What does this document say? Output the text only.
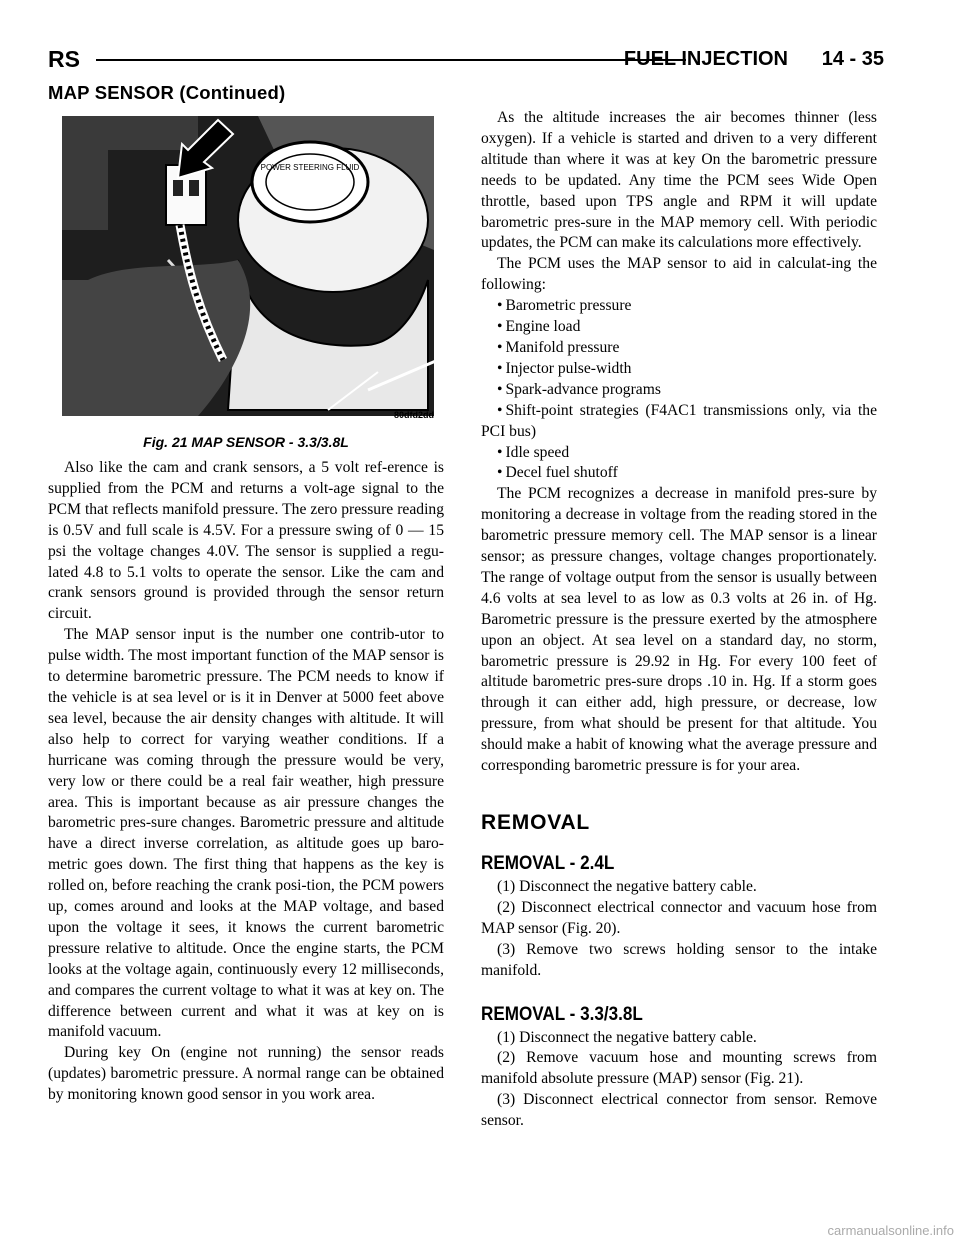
RS	FUEL INJECTION 14 - 35
MAP SENSOR (Continued)
POWER STEERING FLUID
80dfd2dd
Fig. 21 MAP SENSOR - 3.3/3.8L

Also like the cam and crank sensors, a 5 volt ref-erence is supplied from the PCM and returns a volt-age signal to the PCM that reflects manifold pressure. The zero pressure reading is 0.5V and full scale is 4.5V. For a pressure swing of 0 — 15 psi the voltage changes 4.0V. The sensor is supplied a regu-lated 4.8 to 5.1 volts to operate the sensor. Like the cam and crank sensors ground is provided through the sensor return circuit.

The MAP sensor input is the number one contrib-utor to pulse width. The most important function of the MAP sensor is to determine barometric pressure. The PCM needs to know if the vehicle is at sea level or is it in Denver at 5000 feet above sea level, because the air density changes with altitude. It will also help to correct for varying weather conditions. If a hurricane was coming through the pressure would be very, very low or there could be a real fair weather, high pressure area. This is important because as air pressure changes the barometric pres-sure changes. Barometric pressure and altitude have a direct inverse correlation, as altitude goes up baro-metric goes down. The first thing that happens as the key is rolled on, before reaching the crank posi-tion, the PCM powers up, comes around and looks at the MAP voltage, and based upon the voltage it sees, it knows the current barometric pressure relative to altitude. Once the engine starts, the PCM looks at the voltage again, continuously every 12 milliseconds, and compares the current voltage to what it was at key on. The difference between current and what it was at key on is manifold vacuum.

During key On (engine not running) the sensor reads (updates) barometric pressure. A normal range can be obtained by monitoring known good sensor in you work area.

As the altitude increases the air becomes thinner (less oxygen). If a vehicle is started and driven to a very different altitude than where it was at key On the barometric pressure needs to be updated. Any time the PCM sees Wide Open throttle, based upon TPS angle and RPM it will update barometric pres-sure in the MAP memory cell. With periodic updates, the PCM can make its calculations more effectively.

The PCM uses the MAP sensor to aid in calculat-ing the following:

• Barometric pressure
• Engine load
• Manifold pressure
• Injector pulse-width
• Spark-advance programs
• Shift-point strategies (F4AC1 transmissions only, via the PCI bus)
• Idle speed
• Decel fuel shutoff

The PCM recognizes a decrease in manifold pres-sure by monitoring a decrease in voltage from the reading stored in the barometric pressure memory cell. The MAP sensor is a linear sensor; as pressure changes, voltage changes proportionately. The range of voltage output from the sensor is usually between 4.6 volts at sea level to as low as 0.3 volts at 26 in. of Hg. Barometric pressure is the pressure exerted by the atmosphere upon an object. At sea level on a standard day, no storm, barometric pressure is 29.92 in Hg. For every 100 feet of altitude barometric pres-sure drops .10 in. Hg. If a storm goes through it can either add, high pressure, or decrease, low pressure, from what should be present for that altitude. You should make a habit of knowing what the average pressure and corresponding barometric pressure is for your area.

REMOVAL
REMOVAL - 2.4L

(1) Disconnect the negative battery cable.

(2) Disconnect electrical connector and vacuum hose from MAP sensor (Fig. 20).

(3) Remove two screws holding sensor to the intake manifold.

REMOVAL - 3.3/3.8L

(1) Disconnect the negative battery cable.

(2) Remove vacuum hose and mounting screws from manifold absolute pressure (MAP) sensor (Fig. 21).

(3) Disconnect electrical connector from sensor. Remove sensor.

carmanualsonline.info
